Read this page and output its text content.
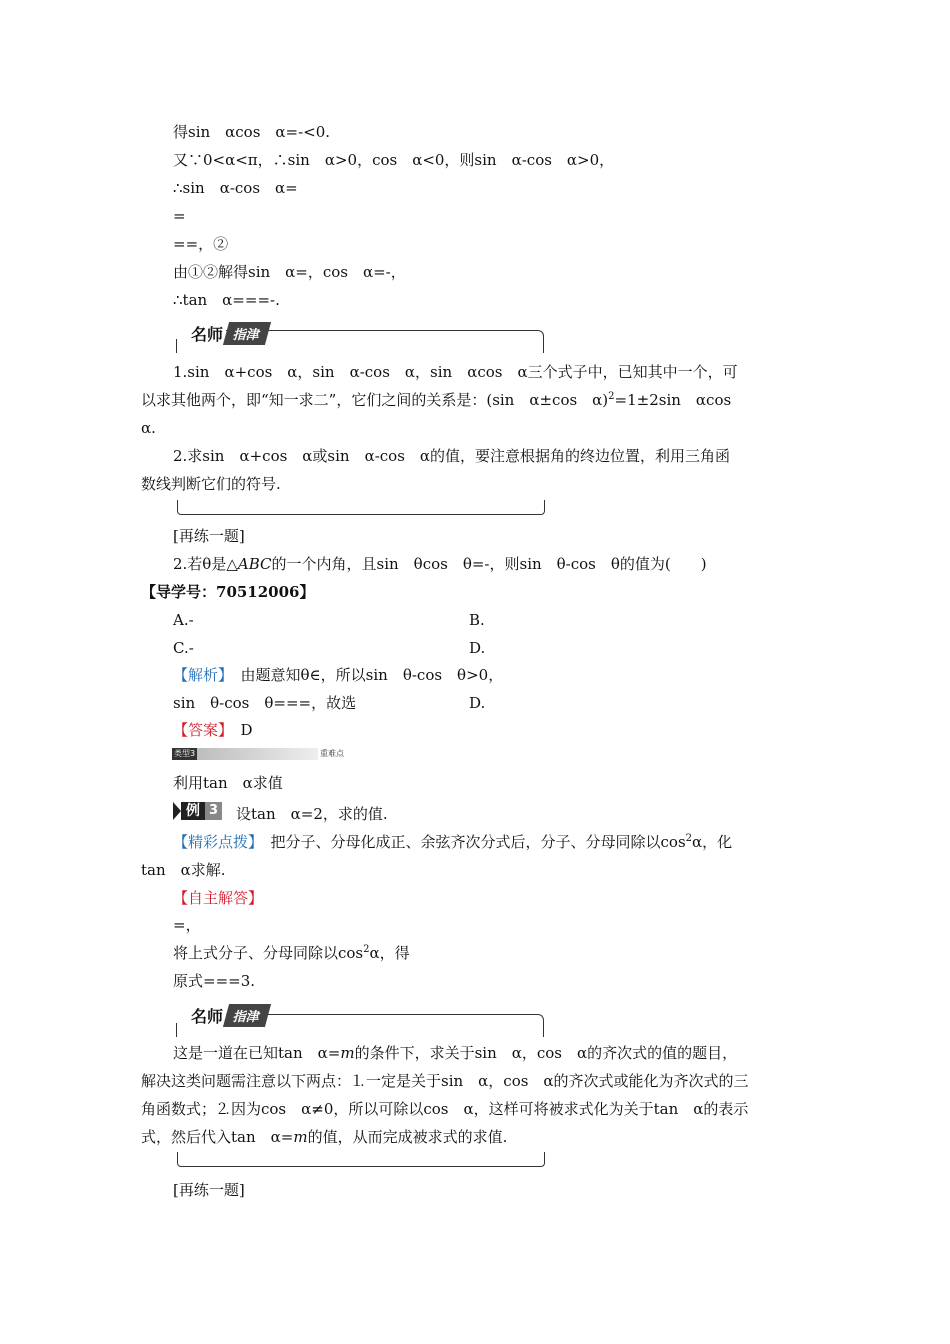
得sin　αcos　α=-<0.
又∵0<α<π，∴sin　α>0，cos　α<0，则sin　α-cos　α>0，
∴sin　α-cos　α=
=
==，②
由①②解得sin　α=，cos　α=-，
∴tan　α===-.
名师 指津
1.sin　α+cos　α，sin　α-cos　α，sin　αcos　α三个式子中，已知其中一个，可
以求其他两个，即“知一求二”，它们之间的关系是：(sin　α±cos　α)$^2$=1±2sin　αcos
α.
2.求sin　α+cos　α或sin　α-cos　α的值，要注意根据角的终边位置，利用三角函
数线判断它们的符号.
[再练一题]
2.若θ是△ABC的一个内角，且sin　θcos　θ=-，则sin　θ-cos　θ的值为(　　)
【导学号：70512006】
A.-	B.
C.-	D.
【解析】　 由题意知θ∈，所以sin　θ-cos　θ>0，
sin　θ-cos　θ===，故选	D.
【答案】　 D
类型3	重难点
利用tan　α求值
例 3 设tan　α=2，求的值.
【精彩点拨】　 把分子、分母化成正、余弦齐次分式后，分子、分母同除以$\cos^2\alpha$，化
tan　α求解.
【自主解答】
=，
将上式分子、分母同除以$\cos^2\alpha$，得
原式===3.
名师 指津
这是一道在已知tan　α=m的条件下，求关于sin　α，cos　α的齐次式的值的题目，
解决这类问题需注意以下两点：⒈一定是关于sin　α，cos　α的齐次式或能化为齐次式的三
角函数式；⒉因为cos　α≠0，所以可除以cos　α，这样可将被求式化为关于tan　α的表示
式，然后代入tan　α=m的值，从而完成被求式的求值.
[再练一题]
